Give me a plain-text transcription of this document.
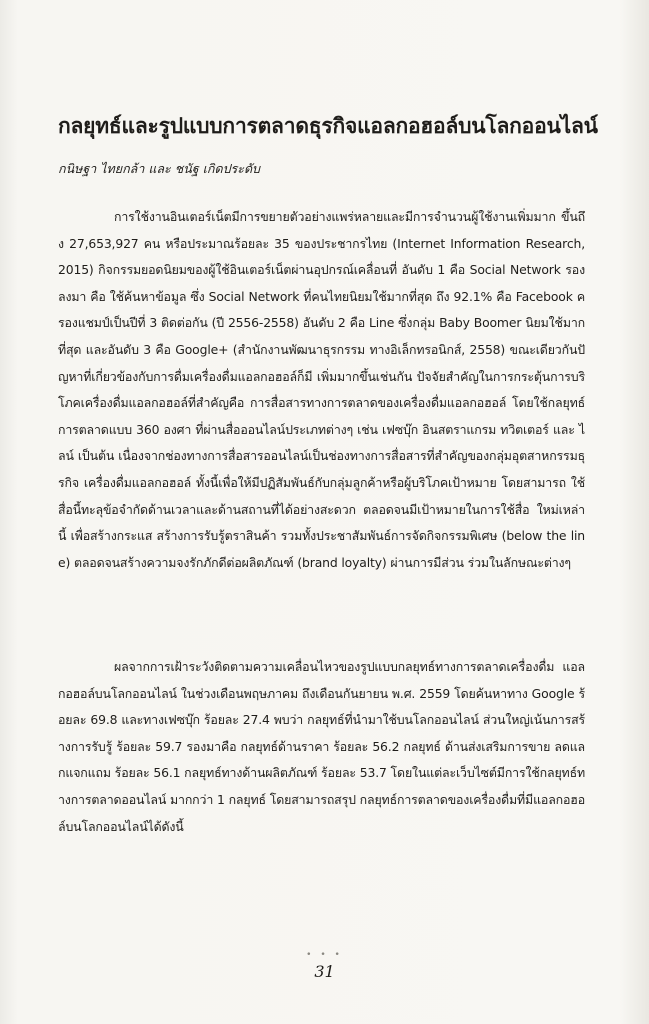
กลยุทธ์และรูปแบบการตลาดธุรกิจแอลกอฮอล์บนโลกออนไลน์

กนิษฐา ไทยกล้า และ ชนัฐ เกิดประดับ

การใช้งานอินเตอร์เน็ตมีการขยายตัวอย่างแพร่หลายและมีการจำนวนผู้ใช้งานเพิ่มมาก ขึ้นถึง 27,653,927 คน หรือประมาณร้อยละ 35 ของประชากรไทย (Internet Information Research, 2015) กิจกรรมยอดนิยมของผู้ใช้อินเตอร์เน็ตผ่านอุปกรณ์เคลื่อนที่ อันดับ 1 คือ Social Network รองลงมา คือ ใช้ค้นหาข้อมูล ซึ่ง Social Network ที่คนไทยนิยมใช้มากที่สุด ถึง 92.1% คือ Facebook ครองแชมป์เป็นปีที่ 3 ติดต่อกัน (ปี 2556-2558) อันดับ 2 คือ Line ซึ่งกลุ่ม Baby Boomer นิยมใช้มากที่สุด และอันดับ 3 คือ Google+ (สำนักงานพัฒนาธุรกรรม ทางอิเล็กทรอนิกส์, 2558) ขณะเดียวกันปัญหาที่เกี่ยวข้องกับการดื่มเครื่องดื่มแอลกอฮอล์ก็มี เพิ่มมากขึ้นเช่นกัน ปัจจัยสำคัญในการกระตุ้นการบริโภคเครื่องดื่มแอลกอฮอล์ที่สำคัญคือ การสื่อสารทางการตลาดของเครื่องดื่มแอลกอฮอล์ โดยใช้กลยุทธ์การตลาดแบบ 360 องศา ที่ผ่านสื่อออนไลน์ประเภทต่างๆ เช่น เฟซบุ๊ก อินสตราแกรม ทวิตเตอร์ และ ไลน์ เป็นต้น เนื่องจากช่องทางการสื่อสารออนไลน์เป็นช่องทางการสื่อสารที่สำคัญของกลุ่มอุตสาหกรรมธุรกิจ เครื่องดื่มแอลกอฮอล์ ทั้งนี้เพื่อให้มีปฏิสัมพันธ์กับกลุ่มลูกค้าหรือผู้บริโภคเป้าหมาย โดยสามารถ ใช้สื่อนี้ทะลุข้อจำกัดด้านเวลาและด้านสถานที่ได้อย่างสะดวก ตลอดจนมีเป้าหมายในการใช้สื่อ ใหม่เหล่านี้ เพื่อสร้างกระแส สร้างการรับรู้ตราสินค้า รวมทั้งประชาสัมพันธ์การจัดกิจกรรมพิเศษ (below the line) ตลอดจนสร้างความจงรักภักดีต่อผลิตภัณฑ์ (brand loyalty) ผ่านการมีส่วน ร่วมในลักษณะต่างๆ

ผลจากการเฝ้าระวังติดตามความเคลื่อนไหวของรูปแบบกลยุทธ์ทางการตลาดเครื่องดื่ม แอลกอฮอล์บนโลกออนไลน์ ในช่วงเดือนพฤษภาคม ถึงเดือนกันยายน พ.ศ. 2559 โดยค้นหาทาง Google ร้อยละ 69.8 และทางเฟซบุ๊ก ร้อยละ 27.4 พบว่า กลยุทธ์ที่นำมาใช้บนโลกออนไลน์ ส่วนใหญ่เน้นการสร้างการรับรู้ ร้อยละ 59.7 รองมาคือ กลยุทธ์ด้านราคา ร้อยละ 56.2 กลยุทธ์ ด้านส่งเสริมการขาย ลดแลกแจกแถม ร้อยละ 56.1 กลยุทธ์ทางด้านผลิตภัณฑ์ ร้อยละ 53.7 โดยในแต่ละเว็บไซต์มีการใช้กลยุทธ์ทางการตลาดออนไลน์ มากกว่า 1 กลยุทธ์ โดยสามารถสรุป กลยุทธ์การตลาดของเครื่องดื่มที่มีแอลกอฮอล์บนโลกออนไลน์ได้ดังนี้

• • •
31
